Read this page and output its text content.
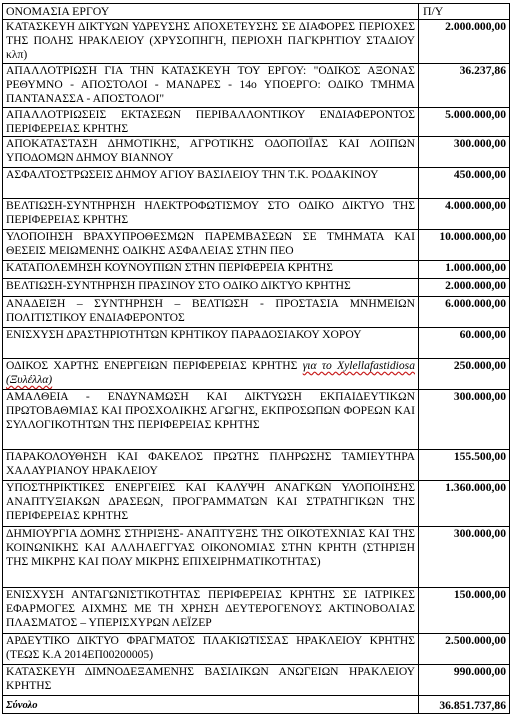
ΟΝΟΜΑΣΙΑ ΕΡΓΟΥ	Π/Υ
ΚΑΤΑΣΚΕΥΗ ΔΙΚΤΥΩΝ ΥΔΡΕΥΣΗΣ ΑΠΟΧΕΤΕΥΣΗΣ ΣΕ ΔΙΑΦΟΡΕΣ ΠΕΡΙΟΧΕΣ ΤΗΣ ΠΟΛΗΣ ΗΡΑΚΛΕΙΟΥ (ΧΡΥΣΟΠΗΓΗ, ΠΕΡΙΟΧΗ ΠΑΓΚΡΗΤΙΟΥ ΣΤΑΔΙΟΥ κλπ)	2.000.000,00
ΑΠΑΛΛΟΤΡΙΩΣΗ ΓΙΑ ΤΗΝ ΚΑΤΑΣΚΕΥΗ ΤΟΥ ΕΡΓΟΥ: "ΟΔΙΚΟΣ ΑΞΟΝΑΣ ΡΕΘΥΜΝΟ - ΑΠΟΣΤΟΛΟΙ - ΜΑΝΔΡΕΣ - 14ο ΥΠΟΕΡΓΟ: ΟΔΙΚΟ ΤΜΗΜΑ ΠΑΝΤΑΝΑΣΣΑ - ΑΠΟΣΤΟΛΟΙ"	36.237,86
ΑΠΑΛΛΟΤΡΙΩΣΕΙΣ ΕΚΤΑΣΕΩΝ ΠΕΡΙΒΑΛΛΟΝΤΙΚΟΥ ΕΝΔΙΑΦΕΡΟΝΤΟΣ ΠΕΡΙΦΕΡΕΙΑΣ ΚΡΗΤΗΣ	5.000.000,00
ΑΠΟΚΑΤΑΣΤΑΣΗ ΔΗΜΟΤΙΚΗΣ, ΑΓΡΟΤΙΚΗΣ ΟΔΟΠΟΙΪΑΣ ΚΑΙ ΛΟΙΠΩΝ ΥΠΟΔΟΜΩΝ ΔΗΜΟΥ ΒΙΑΝΝΟΥ	300.000,00
ΑΣΦΑΛΤΟΣΤΡΩΣΕΙΣ ΔΗΜΟΥ ΑΓΙΟΥ ΒΑΣΙΛΕΙΟΥ ΤΗΝ Τ.Κ. ΡΟΔΑΚΙΝΟΥ	450.000,00
ΒΕΛΤΙΩΣΗ-ΣΥΝΤΗΡΗΣΗ ΗΛΕΚΤΡΟΦΩΤΙΣΜΟΥ ΣΤΟ ΟΔΙΚΟ ΔΙΚΤΥΟ ΤΗΣ ΠΕΡΙΦΕΡΕΙΑΣ ΚΡΗΤΗΣ	4.000.000,00
ΥΛΟΠΟΙΗΣΗ ΒΡΑΧΥΠΡΟΘΕΣΜΩΝ ΠΑΡΕΜΒΑΣΕΩΝ ΣΕ ΤΜΗΜΑΤΑ ΚΑΙ ΘΕΣΕΙΣ ΜΕΙΩΜΕΝΗΣ ΟΔΙΚΗΣ ΑΣΦΑΛΕΙΑΣ ΣΤΗΝ ΠΕΟ	10.000.000,00
ΚΑΤΑΠΟΛΕΜΗΣΗ ΚΟΥΝΟΥΠΙΩΝ ΣΤΗΝ ΠΕΡΙΦΕΡΕΙΑ ΚΡΗΤΗΣ	1.000.000,00
ΒΕΛΤΙΩΣΗ-ΣΥΝΤΗΡΗΣΗ ΠΡΑΣΙΝΟΥ ΣΤΟ ΟΔΙΚΟ ΔΙΚΤΥΟ ΚΡΗΤΗΣ	2.000.000,00
ΑΝΑΔΕΙΞΗ – ΣΥΝΤΗΡΗΣΗ – ΒΕΛΤΙΩΣΗ - ΠΡΟΣΤΑΣΙΑ ΜΝΗΜΕΙΩΝ ΠΟΛΙΤΙΣΤΙΚΟΥ ΕΝΔΙΑΦΕΡΟΝΤΟΣ	6.000.000,00
ΕΝΙΣΧΥΣΗ ΔΡΑΣΤΗΡΙΟΤΗΤΩΝ ΚΡΗΤΙΚΟΥ ΠΑΡΑΔΟΣΙΑΚΟΥ ΧΟΡΟΥ	60.000,00
ΟΔΙΚΟΣ ΧΑΡΤΗΣ ΕΝΕΡΓΕΙΩΝ ΠΕΡΙΦΕΡΕΙΑΣ ΚΡΗΤΗΣ για το Xylellafastidiosa (Ξυλέλλα)	250.000,00
ΑΜΑΛΘΕΙΑ - ΕΝΔΥΝΑΜΩΣΗ ΚΑΙ ΔΙΚΤΥΩΣΗ ΕΚΠΑΙΔΕΥΤΙΚΩΝ ΠΡΩΤΟΒΑΘΜΙΑΣ ΚΑΙ ΠΡΟΣΧΟΛΙΚΗΣ ΑΓΩΓΗΣ, ΕΚΠΡΟΣΩΠΩΝ ΦΟΡΕΩΝ ΚΑΙ ΣΥΛΛΟΓΙΚΟΤΗΤΩΝ ΤΗΣ ΠΕΡΙΦΕΡΕΙΑΣ ΚΡΗΤΗΣ	300.000,00
ΠΑΡΑΚΟΛΟΥΘΗΣΗ ΚΑΙ ΦΑΚΕΛΟΣ ΠΡΩΤΗΣ ΠΛΗΡΩΣΗΣ ΤΑΜΙΕΥΤΗΡΑ ΧΑΛΑΥΡΙΑΝΟΥ ΗΡΑΚΛΕΙΟΥ	155.500,00
ΥΠΟΣΤΗΡΙΚΤΙΚΕΣ ΕΝΕΡΓΕΙΕΣ ΚΑΙ ΚΑΛΥΨΗ ΑΝΑΓΚΩΝ ΥΛΟΠΟΙΗΣΗΣ ΑΝΑΠΤΥΞΙΑΚΩΝ ΔΡΑΣΕΩΝ, ΠΡΟΓΡΑΜΜΑΤΩΝ ΚΑΙ ΣΤΡΑΤΗΓΙΚΩΝ ΤΗΣ ΠΕΡΙΦΕΡΕΙΑΣ ΚΡΗΤΗΣ	1.360.000,00
ΔΗΜΙΟΥΡΓΙΑ ΔΟΜΗΣ ΣΤΗΡΙΞΗΣ- ΑΝΑΠΤΥΞΗΣ ΤΗΣ ΟΙΚΟΤΕΧΝΙΑΣ ΚΑΙ ΤΗΣ ΚΟΙΝΩΝΙΚΗΣ ΚΑΙ ΑΛΛΗΛΕΓΓΥΑΣ ΟΙΚΟΝΟΜΙΑΣ ΣΤΗΝ ΚΡΗΤΗ (ΣΤΗΡΙΞΗ ΤΗΣ ΜΙΚΡΗΣ ΚΑΙ ΠΟΛΥ ΜΙΚΡΗΣ ΕΠΙΧΕΙΡΗΜΑΤΙΚΟΤΗΤΑΣ)	300.000,00
ΕΝΙΣΧΥΣΗ ΑΝΤΑΓΩΝΙΣΤΙΚΟΤΗΤΑΣ ΠΕΡΙΦΕΡΕΙΑΣ ΚΡΗΤΗΣ ΣΕ ΙΑΤΡΙΚΕΣ ΕΦΑΡΜΟΓΕΣ ΑΙΧΜΗΣ ΜΕ ΤΗ ΧΡΗΣΗ ΔΕΥΤΕΡΟΓΕΝΟΥΣ ΑΚΤΙΝΟΒΟΛΙΑΣ ΠΛΑΣΜΑΤΟΣ – ΥΠΕΡΙΣΧΥΡΩΝ ΛΕΪΖΕΡ	150.000,00
ΑΡΔΕΥΤΙΚΟ ΔΙΚΤΥΟ ΦΡΑΓΜΑΤΟΣ ΠΛΑΚΙΩΤΙΣΣΑΣ ΗΡΑΚΛΕΙΟΥ ΚΡΗΤΗΣ (ΤΕΩΣ Κ.Α 2014ΕΠ00200005)	2.500.000,00
ΚΑΤΑΣΚΕΥΗ ΔΙΜΝΟΔΕΞΑΜΕΝΗΣ ΒΑΣΙΛΙΚΩΝ ΑΝΩΓΕΙΩΝ ΗΡΑΚΛΕΙΟΥ ΚΡΗΤΗΣ	990.000,00
Σύνολο	36.851.737,86
